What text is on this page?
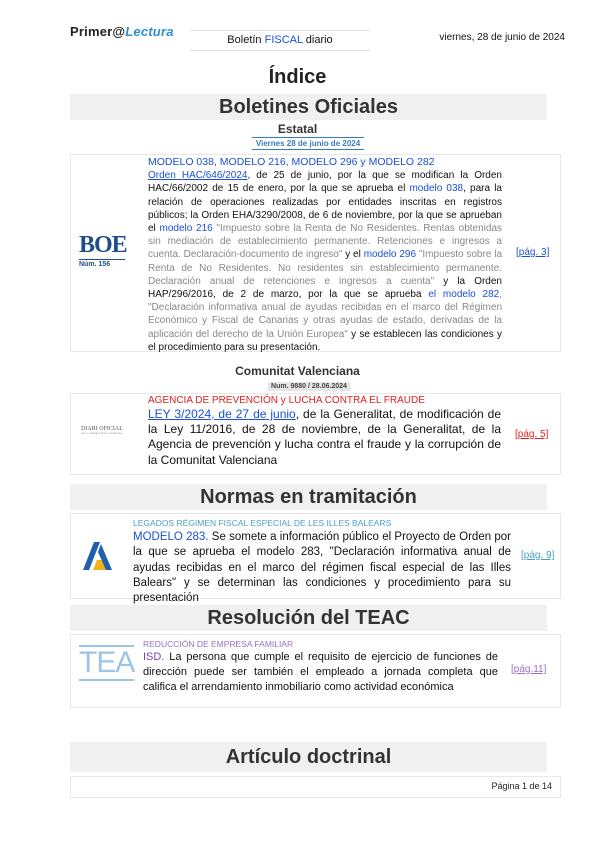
Primer@Lectura
Boletín FISCAL diario	viernes, 28 de junio de 2024
Índice
Boletines Oficiales
Estatal
Viernes 28 de junio de 2024
BOE
Núm. 156
MODELO 038, MODELO 216, MODELO 296 y MODELO 282
Orden HAC/646/2024, de 25 de junio, por la que se modifican la Orden HAC/66/2002 de 15 de enero, por la que se aprueba el modelo 038, para la relación de operaciones realizadas por entidades inscritas en registros públicos; la Orden EHA/3290/2008, de 6 de noviembre, por la que se aprueban el modelo 216 "Impuesto sobre la Renta de No Residentes. Rentas obtenidas sin mediación de establecimiento permanente. Retenciones e ingresos a cuenta. Declaración-documento de ingreso" y el modelo 296 "Impuesto sobre la Renta de No Residentes. No residentes sin establecimiento permanente. Declaración anual de retenciones e ingresos a cuenta" y la Orden HAP/296/2016, de 2 de marzo, por la que se aprueba el modelo 282, "Declaración informativa anual de ayudas recibidas en el marco del Régimen Económico y Fiscal de Canarias y otras ayudas de estado, derivadas de la aplicación del derecho de la Unión Europea" y se establecen las condiciones y el procedimiento para su presentación.
[pág. 3]
Comunitat Valenciana
Num. 9880 / 28.06.2024
DIARI OFICIAL
DE LA GENERALITAT VALENCIANA
AGENCIA DE PREVENCIÓN y LUCHA CONTRA EL FRAUDE
LEY 3/2024, de 27 de junio, de la Generalitat, de modificación de la Ley 11/2016, de 28 de noviembre, de la Generalitat, de la Agencia de prevención y lucha contra el fraude y la corrupción de la Comunitat Valenciana
[pág. 5]
Normas en tramitación
LEGADOS RÉGIMEN FISCAL ESPECIAL DE LES ILLES BALEARS
MODELO 283. Se somete a información público el Proyecto de Orden por la que se aprueba el modelo 283, "Declaración informativa anual de ayudas recibidas en el marco del régimen fiscal especial de las Illes Balears" y se determinan las condiciones y procedimiento para su presentación
[pág. 9]
Resolución del TEAC
TEA
REDUCCIÓN DE EMPRESA FAMILIAR
ISD. La persona que cumple el requisito de ejercicio de funciones de dirección puede ser también el empleado a jornada completa que califica el arrendamiento inmobiliario como actividad económica
[pág.11]
Artículo doctrinal
Página 1 de 14
